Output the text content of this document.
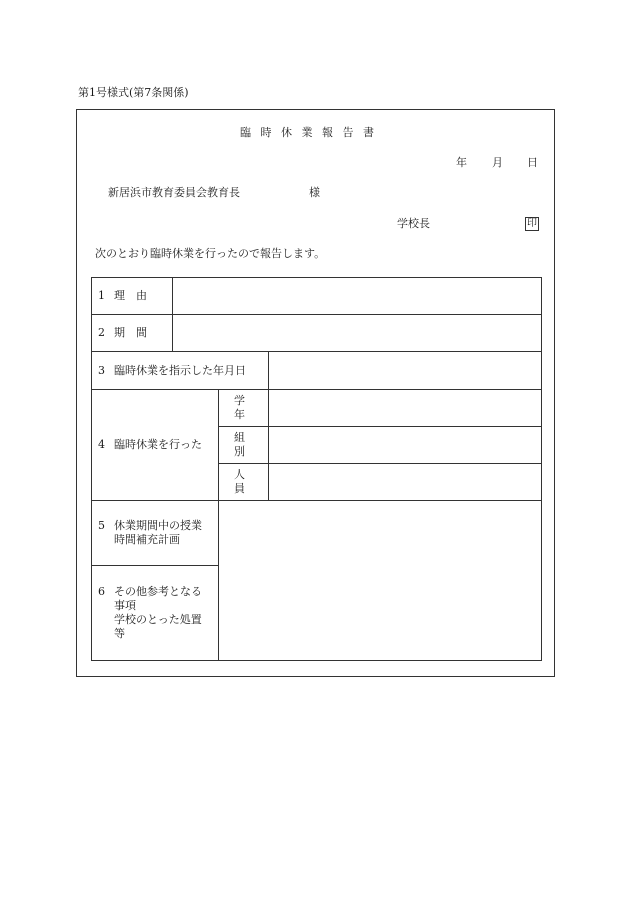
第1号様式(第7条関係)
臨 時 休 業 報 告 書
年 月 日
新居浜市教育委員会教育長	様
学校長	印
次のとおり臨時休業を行ったので報告します。
1 理　由			
2 期　間			
3 臨時休業を指示した年月日			
4 臨時休業を行った		学年	
		組別	
		人員	
5 休業期間中の授業
時間補充計画			

6 その他参考となる
事項
学校のとった処置
等			
